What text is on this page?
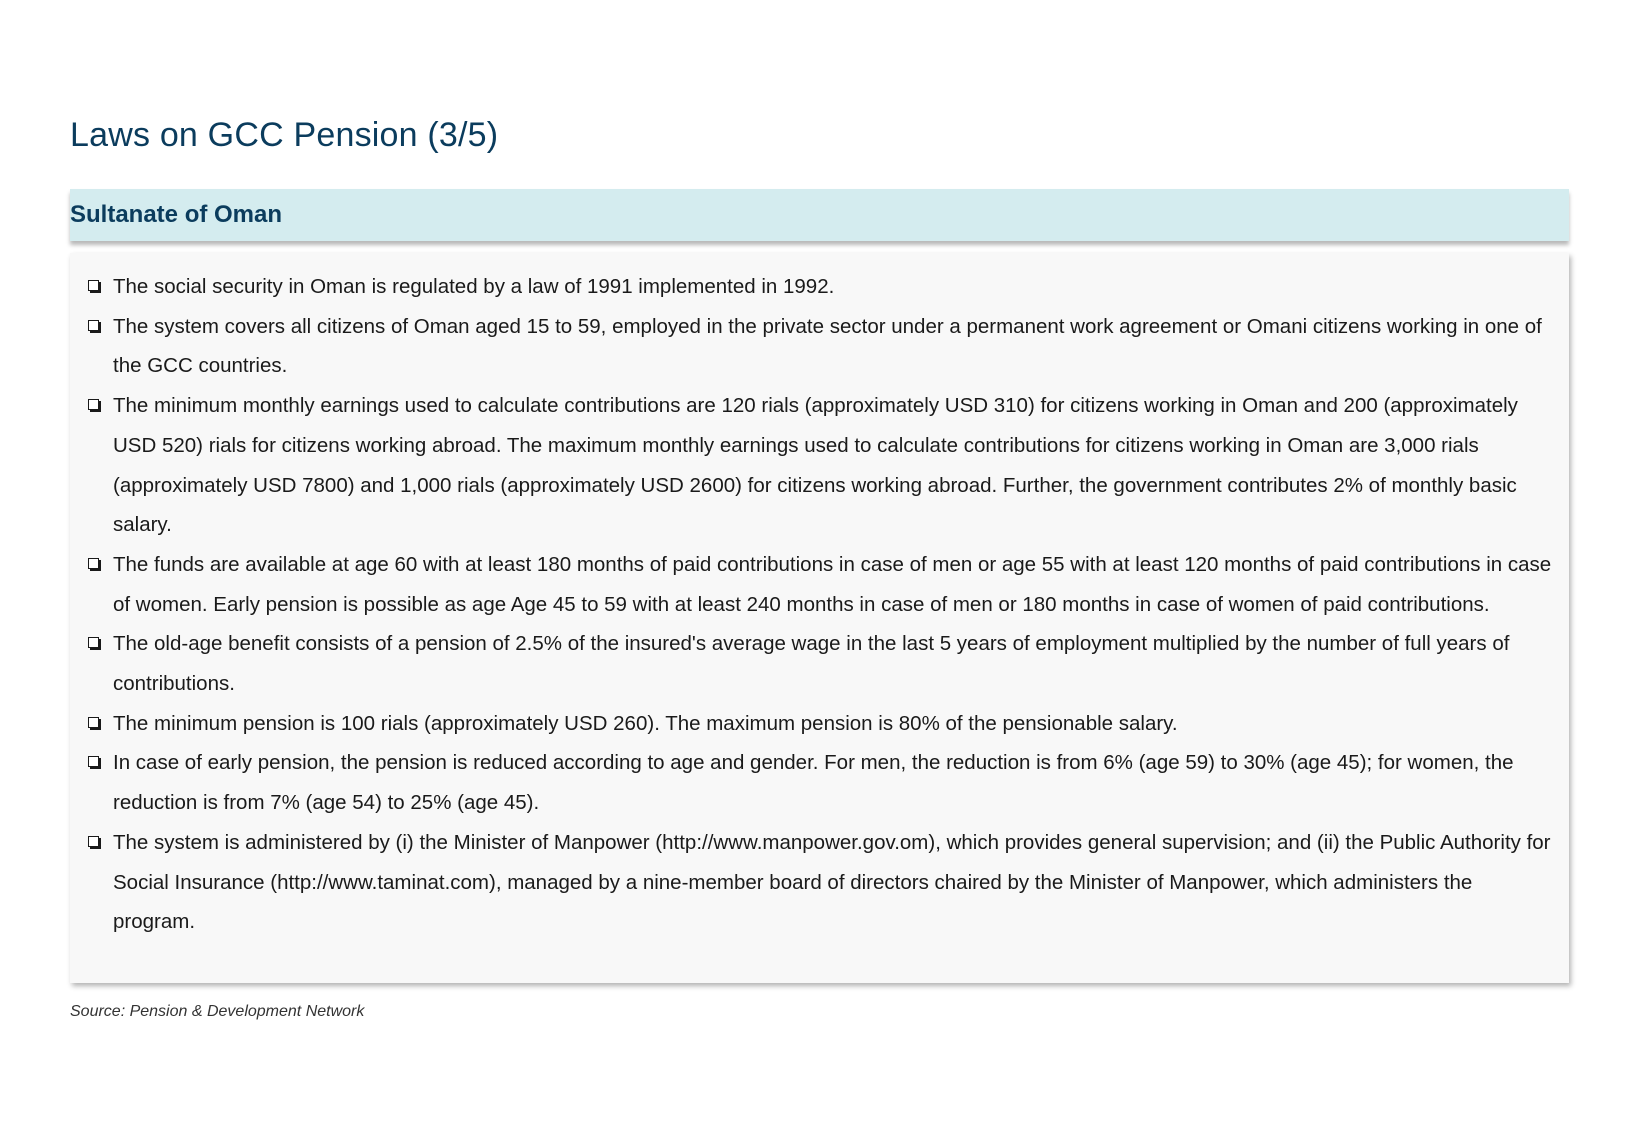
Laws on GCC Pension (3/5)
Sultanate of Oman
The social security in Oman is regulated by a law of 1991 implemented in 1992.
The system covers all citizens of Oman aged 15 to 59, employed in the private sector under a permanent work agreement or Omani citizens working in one of the GCC countries.
The minimum monthly earnings used to calculate contributions are 120 rials (approximately USD 310) for citizens working in Oman and 200 (approximately USD 520) rials for citizens working abroad. The maximum monthly earnings used to calculate contributions for citizens working in Oman are 3,000 rials (approximately USD 7800) and 1,000 rials (approximately USD 2600) for citizens working abroad. Further, the government contributes 2% of monthly basic salary.
The funds are available at age 60 with at least 180 months of paid contributions in case of men or age 55 with at least 120 months of paid contributions in case of women. Early pension is possible as age Age 45 to 59 with at least 240 months in case of men or 180 months in case of women of paid contributions.
The old-age benefit consists of a pension of 2.5% of the insured's average wage in the last 5 years of employment multiplied by the number of full years of contributions.
The minimum pension is 100 rials (approximately USD 260). The maximum pension is 80% of the pensionable salary.
In case of early pension, the pension is reduced according to age and gender. For men, the reduction is from 6% (age 59) to 30% (age 45); for women, the reduction is from 7% (age 54) to 25% (age 45).
The system is administered by (i) the Minister of Manpower (http://www.manpower.gov.om), which provides general supervision; and (ii) the Public Authority for Social Insurance (http://www.taminat.com), managed by a nine-member board of directors chaired by the Minister of Manpower, which administers the program.
Source: Pension & Development Network
